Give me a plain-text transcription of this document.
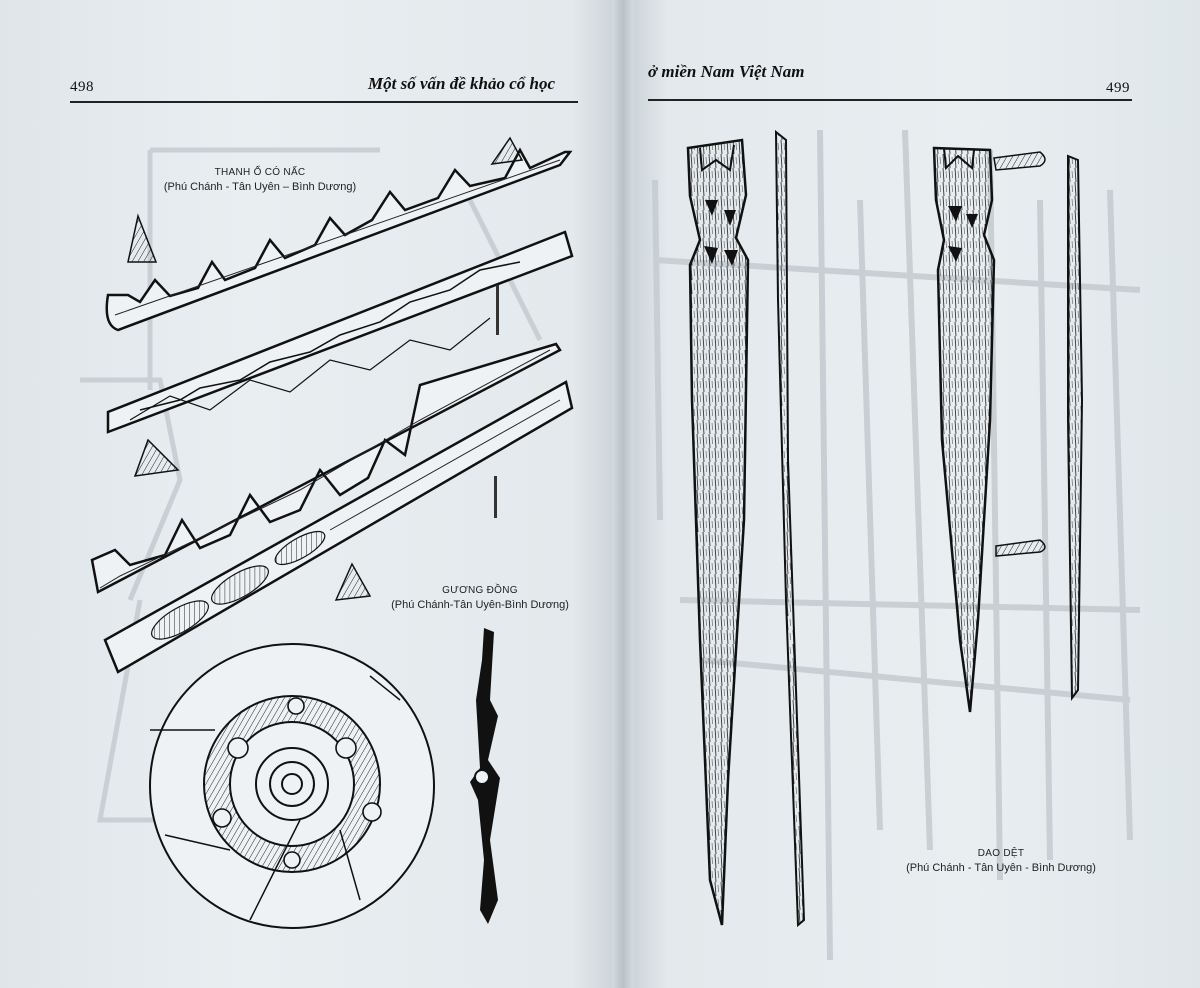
498	Một số vấn đề khảo cổ học
ở miền Nam Việt Nam
499
THANH Ổ CÓ NẤC
(Phú Chánh - Tân Uyên – Bình Dương)
GƯƠNG ĐỒNG
(Phú Chánh-Tân Uyên-Bình Dương)
DAO DỆT
(Phú Chánh - Tân Uyên - Bình Dương)
